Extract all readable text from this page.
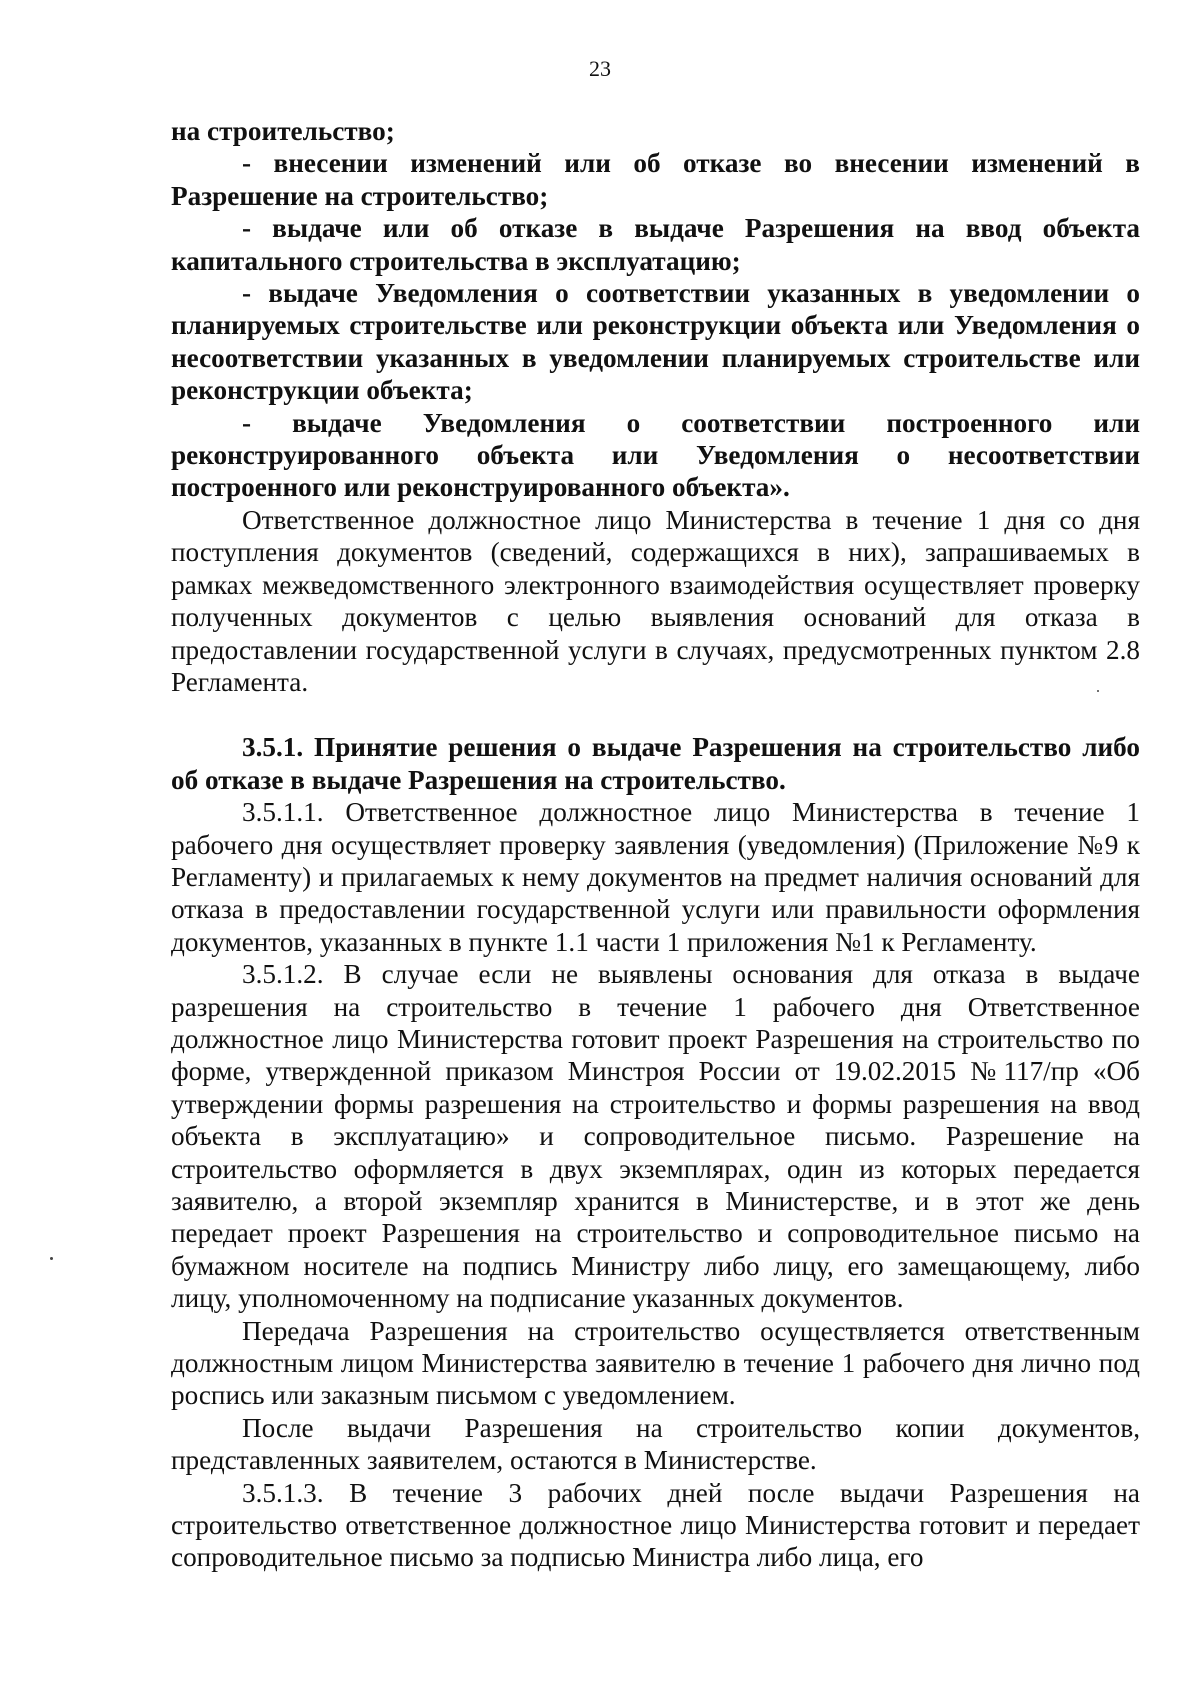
23

на строительство;

- внесении изменений или об отказе во внесении изменений в Разрешение на строительство;

- выдаче или об отказе в выдаче Разрешения на ввод объекта капитального строительства в эксплуатацию;

- выдаче Уведомления о соответствии указанных в уведомлении о планируемых строительстве или реконструкции объекта или Уведомления о несоответствии указанных в уведомлении планируемых строительстве или реконструкции объекта;

- выдаче Уведомления о соответствии построенного или реконструированного объекта или Уведомления о несоответствии построенного или реконструированного объекта».

Ответственное должностное лицо Министерства в течение 1 дня со дня поступления документов (сведений, содержащихся в них), запрашиваемых в рамках межведомственного электронного взаимодействия осуществляет проверку полученных документов с целью выявления оснований для отказа в предоставлении государственной услуги в случаях, предусмотренных пунктом 2.8 Регламента.

3.5.1. Принятие решения о выдаче Разрешения на строительство либо об отказе в выдаче Разрешения на строительство.

3.5.1.1. Ответственное должностное лицо Министерства в течение 1 рабочего дня осуществляет проверку заявления (уведомления) (Приложение №9 к Регламенту) и прилагаемых к нему документов на предмет наличия оснований для отказа в предоставлении государственной услуги или правильности оформления документов, указанных в пункте 1.1 части 1 приложения №1 к Регламенту.

3.5.1.2. В случае если не выявлены основания для отказа в выдаче разрешения на строительство в течение 1 рабочего дня Ответственное должностное лицо Министерства готовит проект Разрешения на строительство по форме, утвержденной приказом Минстроя России от 19.02.2015 №117/пр «Об утверждении формы разрешения на строительство и формы разрешения на ввод объекта в эксплуатацию» и сопроводительное письмо. Разрешение на строительство оформляется в двух экземплярах, один из которых передается заявителю, а второй экземпляр хранится в Министерстве, и в этот же день передает проект Разрешения на строительство и сопроводительное письмо на бумажном носителе на подпись Министру либо лицу, его замещающему, либо лицу, уполномоченному на подписание указанных документов.

Передача Разрешения на строительство осуществляется ответственным должностным лицом Министерства заявителю в течение 1 рабочего дня лично под роспись или заказным письмом с уведомлением.

После выдачи Разрешения на строительство копии документов, представленных заявителем, остаются в Министерстве.

3.5.1.3. В течение 3 рабочих дней после выдачи Разрешения на строительство ответственное должностное лицо Министерства готовит и передает сопроводительное письмо за подписью Министра либо лица, его
